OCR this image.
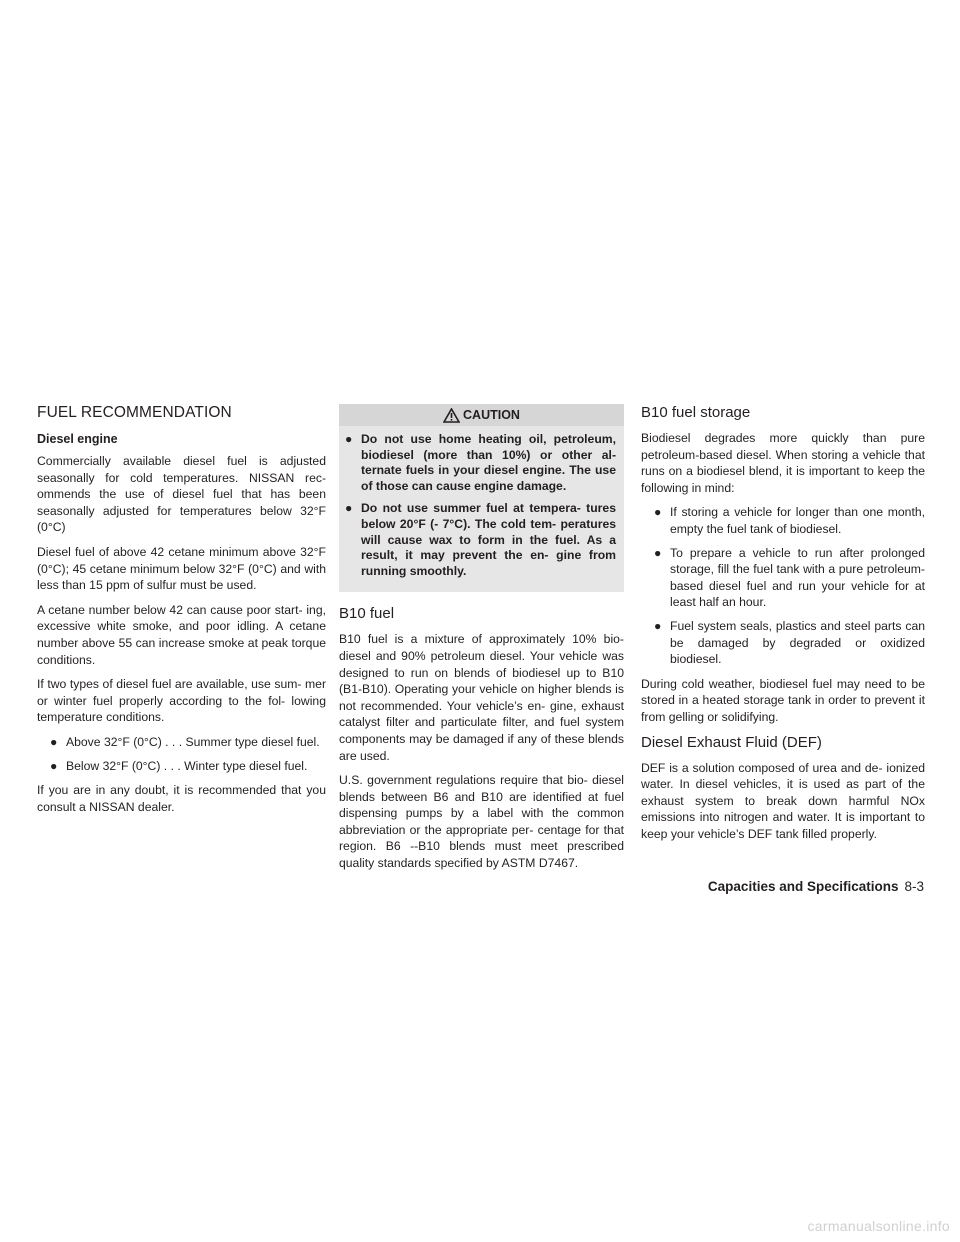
FUEL RECOMMENDATION
Diesel engine

Commercially available diesel fuel is adjusted seasonally for cold temperatures. NISSAN rec- ommends the use of diesel fuel that has been seasonally adjusted for temperatures below 32°F (0°C)

Diesel fuel of above 42 cetane minimum above 32°F (0°C); 45 cetane minimum below 32°F (0°C) and with less than 15 ppm of sulfur must be used.

A cetane number below 42 can cause poor start- ing, excessive white smoke, and poor idling. A cetane number above 55 can increase smoke at peak torque conditions.

If two types of diesel fuel are available, use sum- mer or winter fuel properly according to the fol- lowing temperature conditions.

● Above 32°F (0°C) . . . Summer type diesel fuel.
● Below 32°F (0°C) . . . Winter type diesel fuel.

If you are in any doubt, it is recommended that you consult a NISSAN dealer.

CAUTION
● Do not use home heating oil, petroleum, biodiesel (more than 10%) or other al- ternate fuels in your diesel engine. The use of those can cause engine damage.
● Do not use summer fuel at tempera- tures below 20°F (- 7°C). The cold tem- peratures will cause wax to form in the fuel. As a result, it may prevent the en- gine from running smoothly.
B10 fuel

B10 fuel is a mixture of approximately 10% bio- diesel and 90% petroleum diesel. Your vehicle was designed to run on blends of biodiesel up to B10 (B1-B10). Operating your vehicle on higher blends is not recommended. Your vehicle’s en- gine, exhaust catalyst filter and particulate filter, and fuel system components may be damaged if any of these blends are used.

U.S. government regulations require that bio- diesel blends between B6 and B10 are identified at fuel dispensing pumps by a label with the common abbreviation or the appropriate per- centage for that region. B6 --B10 blends must meet prescribed quality standards specified by ASTM D7467.

B10 fuel storage

Biodiesel degrades more quickly than pure petroleum-based diesel. When storing a vehicle that runs on a biodiesel blend, it is important to keep the following in mind:

● If storing a vehicle for longer than one month, empty the fuel tank of biodiesel.
● To prepare a vehicle to run after prolonged storage, fill the fuel tank with a pure petroleum-based diesel fuel and run your vehicle for at least half an hour.
● Fuel system seals, plastics and steel parts can be damaged by degraded or oxidized biodiesel.

During cold weather, biodiesel fuel may need to be stored in a heated storage tank in order to prevent it from gelling or solidifying.

Diesel Exhaust Fluid (DEF)

DEF is a solution composed of urea and de- ionized water. In diesel vehicles, it is used as part of the exhaust system to break down harmful NOx emissions into nitrogen and water. It is important to keep your vehicle’s DEF tank filled properly.

Capacities and Specifications 8-3
carmanualsonline.info
